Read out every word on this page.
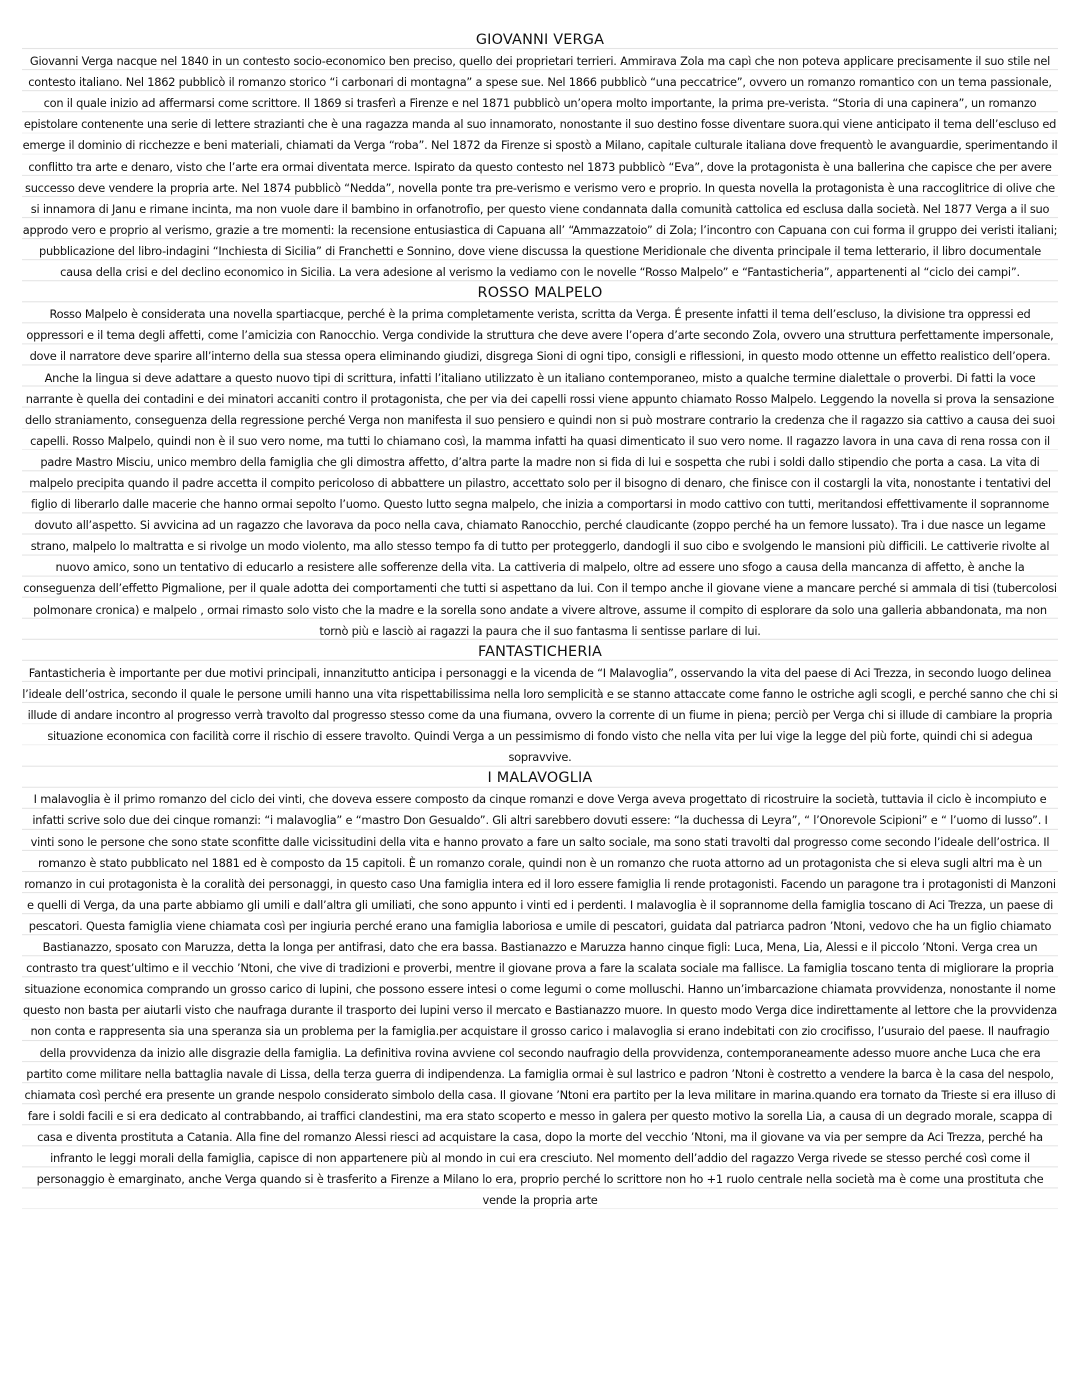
GIOVANNI VERGA

Giovanni Verga nacque nel 1840 in un contesto socio-economico ben preciso, quello dei proprietari terrieri. Ammirava Zola ma capì che non poteva applicare precisamente il suo stile nel contesto italiano. Nel 1862 pubblicò il romanzo storico “i carbonari di montagna” a spese sue. Nel 1866 pubblicò “una peccatrice”, ovvero un romanzo romantico con un tema passionale, con il quale inizio ad affermarsi come scrittore. Il 1869 si trasferì a Firenze e nel 1871 pubblicò un’opera molto importante, la prima pre-verista. “Storia di una capinera”, un romanzo epistolare contenente una serie di lettere strazianti che è una ragazza manda al suo innamorato, nonostante il suo destino fosse diventare suora.qui viene anticipato il tema dell’escluso ed emerge il dominio di ricchezze e beni materiali, chiamati da Verga “roba”. Nel 1872 da Firenze si spostò a Milano, capitale culturale italiana dove frequentò le avanguardie, sperimentando il conflitto tra arte e denaro, visto che l’arte era ormai diventata merce. Ispirato da questo contesto nel 1873 pubblicò “Eva”, dove la protagonista è una ballerina che capisce che per avere successo deve vendere la propria arte. Nel 1874 pubblicò “Nedda”, novella ponte tra pre-verismo e verismo vero e proprio. In questa novella la protagonista è una raccoglitrice di olive che si innamora di Janu e rimane incinta, ma non vuole dare il bambino in orfanotrofio, per questo viene condannata dalla comunità cattolica ed esclusa dalla società. Nel 1877 Verga a il suo approdo vero e proprio al verismo, grazie a tre momenti: la recensione entusiastica di Capuana all’ “Ammazzatoio” di Zola; l’incontro con Capuana con cui forma il gruppo dei veristi italiani; pubblicazione del libro-indagini “Inchiesta di Sicilia” di Franchetti e Sonnino, dove viene discussa la questione Meridionale che diventa principale il tema letterario, il libro documentale causa della crisi e del declino economico in Sicilia. La vera adesione al verismo la vediamo con le novelle “Rosso Malpelo” e “Fantasticheria”, appartenenti al “ciclo dei campi”.

ROSSO MALPELO

Rosso Malpelo è considerata una novella spartiacque, perché è la prima completamente verista, scritta da Verga. É presente infatti il tema dell’escluso, la divisione tra oppressi ed oppressori e il tema degli affetti, come l’amicizia con Ranocchio. Verga condivide la struttura che deve avere l’opera d’arte secondo Zola, ovvero una struttura perfettamente impersonale, dove il narratore deve sparire all’interno della sua stessa opera eliminando giudizi, disgrega Sioni di ogni tipo, consigli e riflessioni, in questo modo ottenne un effetto realistico dell’opera. Anche la lingua si deve adattare a questo nuovo tipi di scrittura, infatti l’italiano utilizzato è un italiano contemporaneo, misto a qualche termine dialettale o proverbi. Di fatti la voce narrante è quella dei contadini e dei minatori accaniti contro il protagonista, che per via dei capelli rossi viene appunto chiamato Rosso Malpelo. Leggendo la novella si prova la sensazione dello straniamento, conseguenza della regressione perché Verga non manifesta il suo pensiero e quindi non si può mostrare contrario la credenza che il ragazzo sia cattivo a causa dei suoi capelli. Rosso Malpelo, quindi non è il suo vero nome, ma tutti lo chiamano così, la mamma infatti ha quasi dimenticato il suo vero nome. Il ragazzo lavora in una cava di rena rossa con il padre Mastro Misciu, unico membro della famiglia che gli dimostra affetto, d’altra parte la madre non si fida di lui e sospetta che rubi i soldi dallo stipendio che porta a casa. La vita di malpelo precipita quando il padre accetta il compito pericoloso di abbattere un pilastro, accettato solo per il bisogno di denaro, che finisce con il costargli la vita, nonostante i tentativi del figlio di liberarlo dalle macerie che hanno ormai sepolto l’uomo. Questo lutto segna malpelo, che inizia a comportarsi in modo cattivo con tutti, meritandosi effettivamente il soprannome dovuto all’aspetto. Si avvicina ad un ragazzo che lavorava da poco nella cava, chiamato Ranocchio, perché claudicante (zoppo perché ha un femore lussato). Tra i due nasce un legame strano, malpelo lo maltratta e si rivolge un modo violento, ma allo stesso tempo fa di tutto per proteggerlo, dandogli il suo cibo e svolgendo le mansioni più difficili. Le cattiverie rivolte al nuovo amico, sono un tentativo di educarlo a resistere alle sofferenze della vita. La cattiveria di malpelo, oltre ad essere uno sfogo a causa della mancanza di affetto, è anche la conseguenza dell’effetto Pigmalione, per il quale adotta dei comportamenti che tutti si aspettano da lui. Con il tempo anche il giovane viene a mancare perché si ammala di tisi (tubercolosi polmonare cronica) e malpelo , ormai rimasto solo visto che la madre e la sorella sono andate a vivere altrove, assume il compito di esplorare da solo una galleria abbandonata, ma non tornò più e lasciò ai ragazzi la paura che il suo fantasma li sentisse parlare di lui.

FANTASTICHERIA

Fantasticheria è importante per due motivi principali, innanzitutto anticipa i personaggi e la vicenda de “I Malavoglia”, osservando la vita del paese di Aci Trezza, in secondo luogo delinea l’ideale dell’ostrica, secondo il quale le persone umili hanno una vita rispettabilissima nella loro semplicità e se stanno attaccate come fanno le ostriche agli scogli, e perché sanno che chi si illude di andare incontro al progresso verrà travolto dal progresso stesso come da una fiumana, ovvero la corrente di un fiume in piena; perciò per Verga chi si illude di cambiare la propria situazione economica con facilità corre il rischio di essere travolto. Quindi Verga a un pessimismo di fondo visto che nella vita per lui vige la legge del più forte, quindi chi si adegua sopravvive.

I MALAVOGLIA

I malavoglia è il primo romanzo del ciclo dei vinti, che doveva essere composto da cinque romanzi e dove Verga aveva progettato di ricostruire la società, tuttavia il ciclo è incompiuto e infatti scrive solo due dei cinque romanzi: “i malavoglia” e “mastro Don Gesualdo”. Gli altri sarebbero dovuti essere: “la duchessa di Leyra”, “ l’Onorevole Scipioni” e “ l’uomo di lusso”. I vinti sono le persone che sono state sconfitte dalle vicissitudini della vita e hanno provato a fare un salto sociale, ma sono stati travolti dal progresso come secondo l’ideale dell’ostrica. Il romanzo è stato pubblicato nel 1881 ed è composto da 15 capitoli. È un romanzo corale, quindi non è un romanzo che ruota attorno ad un protagonista che si eleva sugli altri ma è un romanzo in cui protagonista è la coralità dei personaggi, in questo caso Una famiglia intera ed il loro essere famiglia li rende protagonisti. Facendo un paragone tra i protagonisti di Manzoni e quelli di Verga, da una parte abbiamo gli umili e dall’altra gli umiliati, che sono appunto i vinti ed i perdenti. I malavoglia è il soprannome della famiglia toscano di Aci Trezza, un paese di pescatori. Questa famiglia viene chiamata così per ingiuria perché erano una famiglia laboriosa e umile di pescatori, guidata dal patriarca padron ’Ntoni, vedovo che ha un figlio chiamato Bastianazzo, sposato con Maruzza, detta la longa per antifrasi, dato che era bassa. Bastianazzo e Maruzza hanno cinque figli: Luca, Mena, Lia, Alessi e il piccolo ’Ntoni. Verga crea un contrasto tra quest’ultimo e il vecchio ’Ntoni, che vive di tradizioni e proverbi, mentre il giovane prova a fare la scalata sociale ma fallisce. La famiglia toscano tenta di migliorare la propria situazione economica comprando un grosso carico di lupini, che possono essere intesi o come legumi o come molluschi. Hanno un’imbarcazione chiamata provvidenza, nonostante il nome questo non basta per aiutarli visto che naufraga durante il trasporto dei lupini verso il mercato e Bastianazzo muore. In questo modo Verga dice indirettamente al lettore che la provvidenza non conta e rappresenta sia una speranza sia un problema per la famiglia.per acquistare il grosso carico i malavoglia si erano indebitati con zio crocifisso, l’usuraio del paese. Il naufragio della provvidenza da inizio alle disgrazie della famiglia. La definitiva rovina avviene col secondo naufragio della provvidenza, contemporaneamente adesso muore anche Luca che era partito come militare nella battaglia navale di Lissa, della terza guerra di indipendenza. La famiglia ormai è sul lastrico e padron ’Ntoni è costretto a vendere la barca è la casa del nespolo, chiamata così perché era presente un grande nespolo considerato simbolo della casa. Il giovane ’Ntoni era partito per la leva militare in marina.quando era tornato da Trieste si era illuso di fare i soldi facili e si era dedicato al contrabbando, ai traffici clandestini, ma era stato scoperto e messo in galera per questo motivo la sorella Lia, a causa di un degrado morale, scappa di casa e diventa prostituta a Catania. Alla fine del romanzo Alessi riesci ad acquistare la casa, dopo la morte del vecchio ’Ntoni, ma il giovane va via per sempre da Aci Trezza, perché ha infranto le leggi morali della famiglia, capisce di non appartenere più al mondo in cui era cresciuto. Nel momento dell’addio del ragazzo Verga rivede se stesso perché così come il personaggio è emarginato, anche Verga quando si è trasferito a Firenze a Milano lo era, proprio perché lo scrittore non ho +1 ruolo centrale nella società ma è come una prostituta che vende la propria arte
